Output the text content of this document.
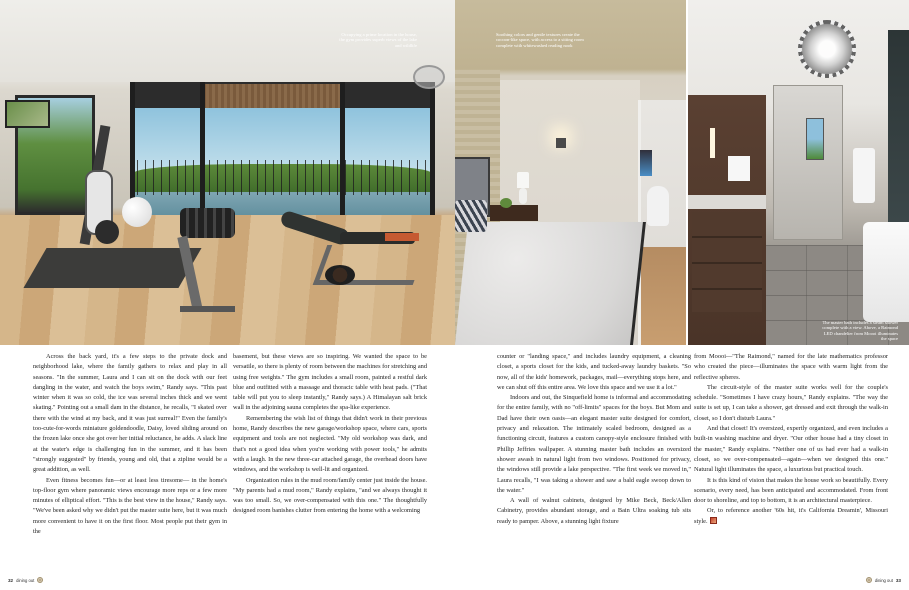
Occupying a prime location in the house, the gym provides superb views of the lake and wildlife
Soothing colors and gentle textures create the cocoon-like space, with access to a sitting room complete with whitewashed reading nook
The master bath includes a steam shower complete with a view. Above, a Raimond LED chandelier from Moooi illuminates the space

Across the back yard, it's a few steps to the private dock and neighborhood lake, where the family gathers to relax and play in all seasons. "In the summer, Laura and I can sit on the dock with our feet dangling in the water, and watch the boys swim," Randy says. "This past winter when it was so cold, the ice was several inches thick and we went skating." Pointing out a small dam in the distance, he recalls, "I skated over there with the wind at my back, and it was just surreal!" Even the family's too-cute-for-words miniature goldendoodle, Daisy, loved sliding around on the frozen lake once she got over her initial reluctance, he adds. A slack line at the water's edge is challenging fun in the summer, and it has been "strongly suggested" by friends, young and old, that a zipline would be a great addition, as well.

Even fitness becomes fun—or at least less tiresome— in the home's top-floor gym where panoramic views encourage more reps or a few more minutes of elliptical effort. "This is the best view in the house," Randy says. "We've been asked why we didn't put the master suite here, but it was much more convenient to have it on the first floor. Most people put their gym in the

basement, but these views are so inspiring. We wanted the space to be versatile, so there is plenty of room between the machines for stretching and using free weights." The gym includes a small room, painted a restful dark blue and outfitted with a massage and thoracic table with heat pads. ("That table will put you to sleep instantly," Randy says.) A Himalayan salt brick wall in the adjoining sauna completes the spa-like experience.

Remembering the wish list of things that didn't work in their previous home, Randy describes the new garage/workshop space, where cars, sports equipment and tools are not neglected. "My old workshop was dark, and that's not a good idea when you're working with power tools," he admits with a laugh. In the new three-car attached garage, the overhead doors have windows, and the workshop is well-lit and organized.

Organization rules in the mud room/family center just inside the house. "My parents had a mud room," Randy explains, "and we always thought it was too small. So, we over-compensated with this one." The thoughtfully designed room banishes clutter from entering the home with a welcoming

counter or "landing space," and includes laundry equipment, a cleaning closet, a sports closet for the kids, and tucked-away laundry baskets. "So now, all of the kids' homework, packages, mail—everything stops here, and we can shut off this entire area. We love this space and we use it a lot."

Indoors and out, the Sinquefield home is informal and accommodating for the entire family, with no "off-limits" spaces for the boys. But Mom and Dad have their own oasis—an elegant master suite designed for comfort, privacy and relaxation. The intimately scaled bedroom, designed as a functioning circuit, features a custom canopy-style enclosure finished with Phillip Jeffries wallpaper. A stunning master bath includes an oversized shower awash in natural light from two windows. Positioned for privacy, the windows still provide a lake perspective. "The first week we moved in," Laura recalls, "I was taking a shower and saw a bald eagle swoop down to the water."

A wall of walnut cabinets, designed by Mike Beck, Beck/Allen Cabinetry, provides abundant storage, and a Bain Ultra soaking tub sits ready to pamper. Above, a stunning light fixture

from Moooi—"The Raimond," named for the late mathematics professor who created the piece—illuminates the space with warm light from the reflective spheres.

The circuit-style of the master suite works well for the couple's schedule. "Sometimes I have crazy hours," Randy explains. "The way the suite is set up, I can take a shower, get dressed and exit through the walk-in closet, so I don't disturb Laura."

And that closet! It's oversized, expertly organized, and even includes a built-in washing machine and dryer. "Our other house had a tiny closet in the master," Randy explains. "Neither one of us had ever had a walk-in closet, so we over-compensated—again—when we designed this one." Natural light illuminates the space, a luxurious but practical touch.

It is this kind of vision that makes the house work so beautifully. Every scenario, every need, has been anticipated and accommodated. From front door to shoreline, and top to bottom, it is an architectural masterpiece.

Or, to reference another '60s hit, it's California Dreamin', Missouri style.

32 dining out	dining out 33
